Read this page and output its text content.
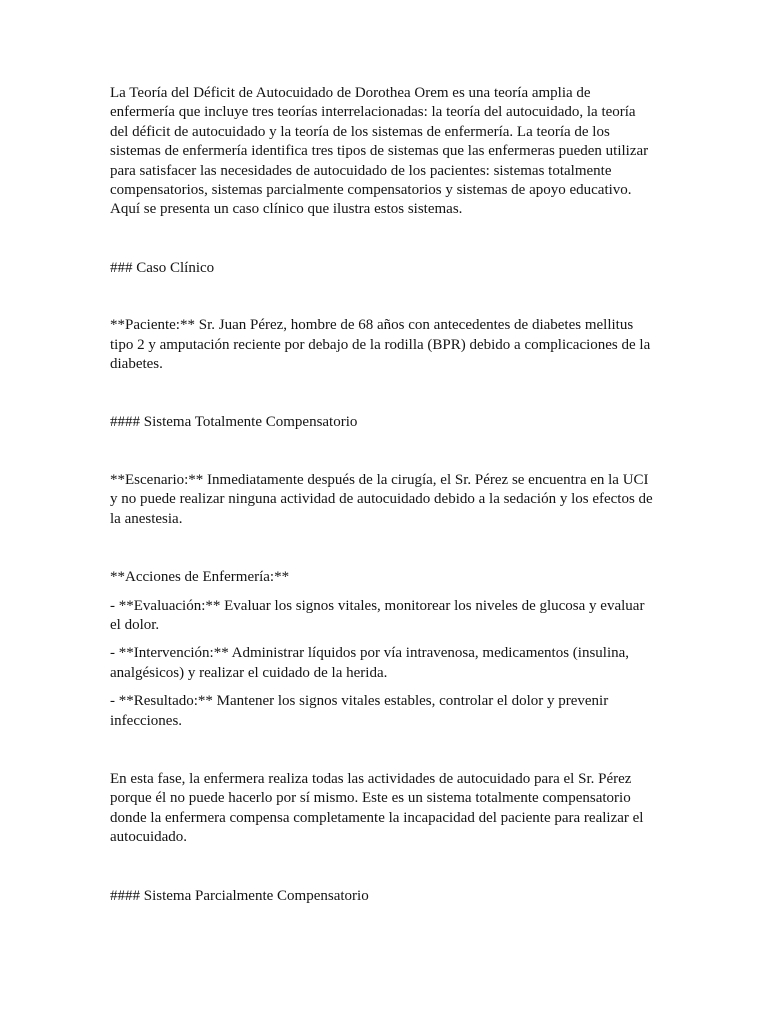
La Teoría del Déficit de Autocuidado de Dorothea Orem es una teoría amplia de enfermería que incluye tres teorías interrelacionadas: la teoría del autocuidado, la teoría del déficit de autocuidado y la teoría de los sistemas de enfermería. La teoría de los sistemas de enfermería identifica tres tipos de sistemas que las enfermeras pueden utilizar para satisfacer las necesidades de autocuidado de los pacientes: sistemas totalmente compensatorios, sistemas parcialmente compensatorios y sistemas de apoyo educativo. Aquí se presenta un caso clínico que ilustra estos sistemas.

### Caso Clínico

**Paciente:** Sr. Juan Pérez, hombre de 68 años con antecedentes de diabetes mellitus tipo 2 y amputación reciente por debajo de la rodilla (BPR) debido a complicaciones de la diabetes.

#### Sistema Totalmente Compensatorio

**Escenario:** Inmediatamente después de la cirugía, el Sr. Pérez se encuentra en la UCI y no puede realizar ninguna actividad de autocuidado debido a la sedación y los efectos de la anestesia.

**Acciones de Enfermería:**

- **Evaluación:** Evaluar los signos vitales, monitorear los niveles de glucosa y evaluar el dolor.

- **Intervención:** Administrar líquidos por vía intravenosa, medicamentos (insulina, analgésicos) y realizar el cuidado de la herida.

- **Resultado:** Mantener los signos vitales estables, controlar el dolor y prevenir infecciones.

En esta fase, la enfermera realiza todas las actividades de autocuidado para el Sr. Pérez porque él no puede hacerlo por sí mismo. Este es un sistema totalmente compensatorio donde la enfermera compensa completamente la incapacidad del paciente para realizar el autocuidado.

#### Sistema Parcialmente Compensatorio
